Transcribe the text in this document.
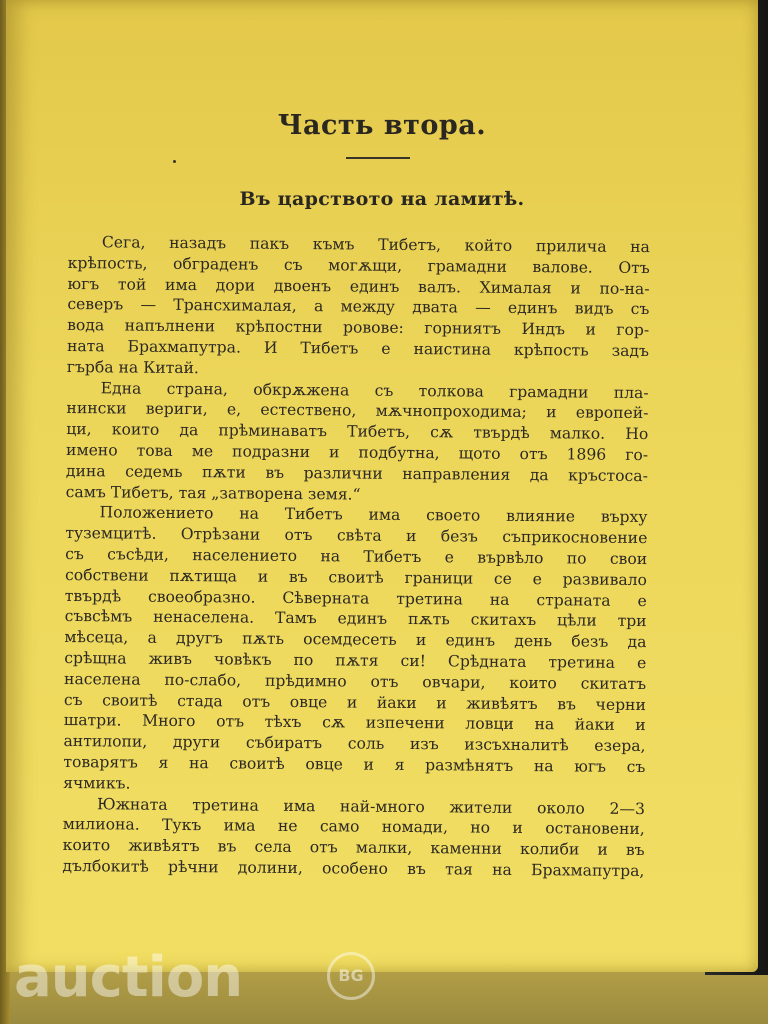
Часть втора.
Въ царството на ламитѣ.
Сега, назадъ пакъ къмъ Тибетъ, който прилича на
крѣпость, обграденъ съ могѫщи, грамадни валове. Отъ
югъ той има дори двоенъ единъ валъ. Хималая и по-на-
северъ — Трансхималая, а между двата — единъ видъ съ
вода напълнени крѣпостни ровове: горниятъ Индъ и гор-
ната Брахмапутра. И Тибетъ е наистина крѣпость задъ
гърба на Китай.
Една страна, обкрѫжена съ толкова грамадни пла-
нински вериги, е, естествено, мѫчнопроходима; и европей-
ци, които да прѣминаватъ Тибетъ, сѫ твърдѣ малко. Но
имено това ме подразни и подбутна, щото отъ 1896 го-
дина седемь пѫти въ различни направления да кръстоса-
самъ Тибетъ, тая „затворена земя.“
Положението на Тибетъ има своето влияние върху
туземцитѣ. Отрѣзани отъ свѣта и безъ съприкосновение
съ съсѣди, населението на Тибетъ е вървѣло по свои
собствени пѫтища и въ своитѣ граници се е развивало
твърдѣ своеобразно. Сѣверната третина на страната е
съвсѣмъ ненаселена. Тамъ единъ пѫть скитахъ цѣли три
мѣсеца, а другъ пѫть осемдесеть и единъ день безъ да
срѣщна живъ човѣкъ по пѫтя си! Срѣдната третина е
населена по-слабо, прѣдимно отъ овчари, които скитатъ
съ своитѣ стада отъ овце и йаки и живѣятъ въ черни
шатри. Много отъ тѣхъ сѫ изпечени ловци на йаки и
антилопи, други събиратъ соль изъ изсъхналитѣ езера,
товарятъ я на своитѣ овце и я размѣнятъ на югъ съ
ячмикъ.
Южната третина има най-много жители около 2—3
милиона. Тукъ има не само номади, но и остановени,
които живѣятъ въ села отъ малки, каменни колиби и въ
дълбокитѣ рѣчни долини, особено въ тая на Брахмапутра,
auction	BG
